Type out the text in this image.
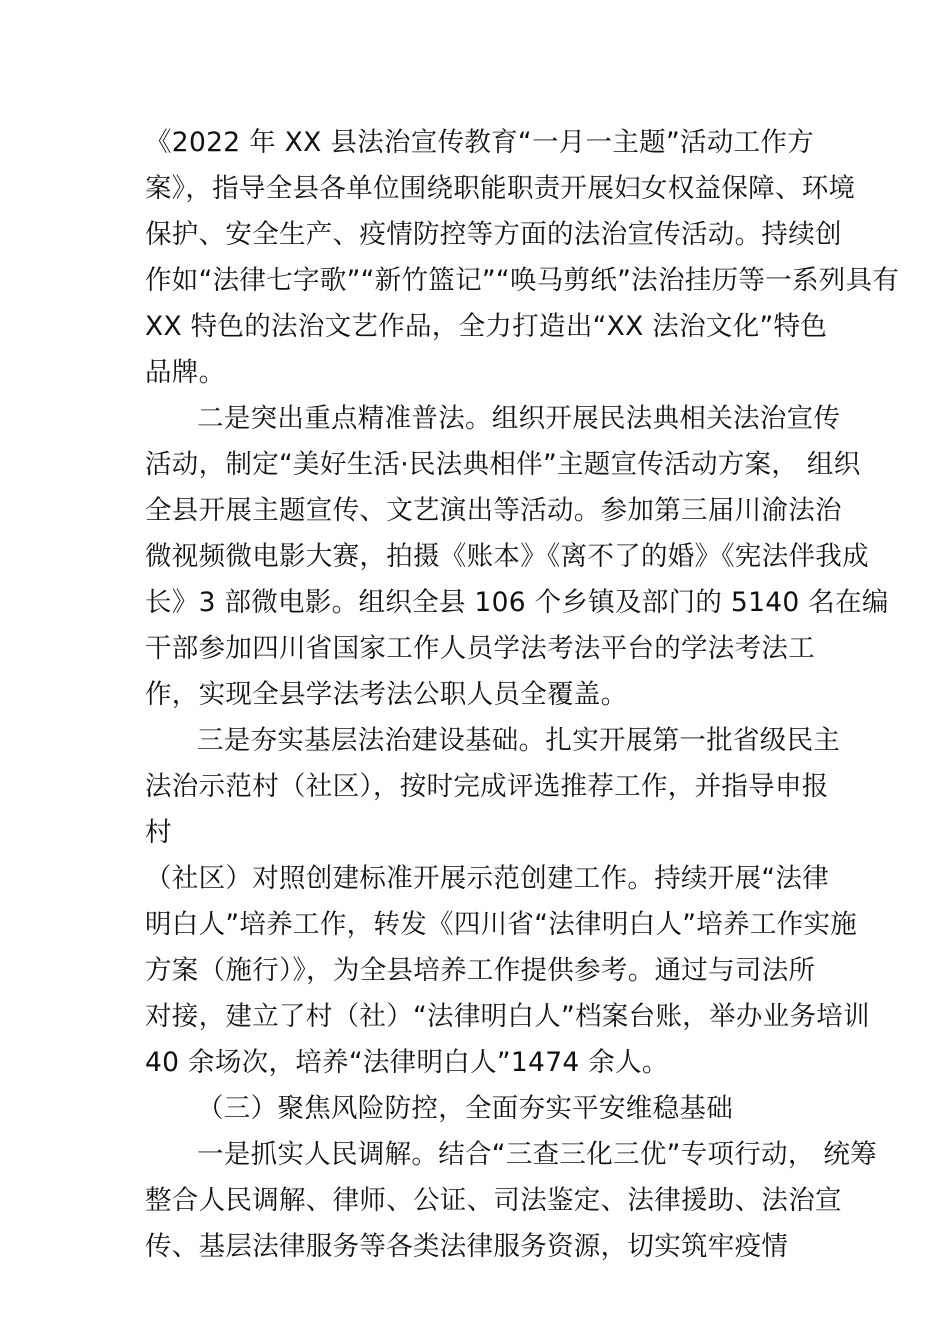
《2022 年 XX 县法治宣传教育“一月一主题”活动工作方
案》，指导全县各单位围绕职能职责开展妇女权益保障、环境
保护、安全生产、疫情防控等方面的法治宣传活动。持续创
作如“法律七字歌”“新竹篮记”“唤马剪纸”法治挂历等一系列具有
XX 特色的法治文艺作品，全力打造出“XX 法治文化”特色
品牌。
二是突出重点精准普法。组织开展民法典相关法治宣传
活动，制定“美好生活·民法典相伴”主题宣传活动方案， 组织
全县开展主题宣传、文艺演出等活动。参加第三届川渝法治
微视频微电影大赛，拍摄《账本》《离不了的婚》《宪法伴我成
长》3 部微电影。组织全县 106 个乡镇及部门的 5140 名在编
干部参加四川省国家工作人员学法考法平台的学法考法工
作，实现全县学法考法公职人员全覆盖。
三是夯实基层法治建设基础。扎实开展第一批省级民主
法治示范村（社区），按时完成评选推荐工作，并指导申报
村
（社区）对照创建标准开展示范创建工作。持续开展“法律
明白人”培养工作，转发《四川省“法律明白人”培养工作实施
方案（施行）》，为全县培养工作提供参考。通过与司法所
对接，建立了村（社）“法律明白人”档案台账，举办业务培训
40 余场次，培养“法律明白人”1474 余人。
（三）聚焦风险防控，全面夯实平安维稳基础
一是抓实人民调解。结合“三查三化三优”专项行动， 统筹
整合人民调解、律师、公证、司法鉴定、法律援助、法治宣
传、基层法律服务等各类法律服务资源，切实筑牢疫情
